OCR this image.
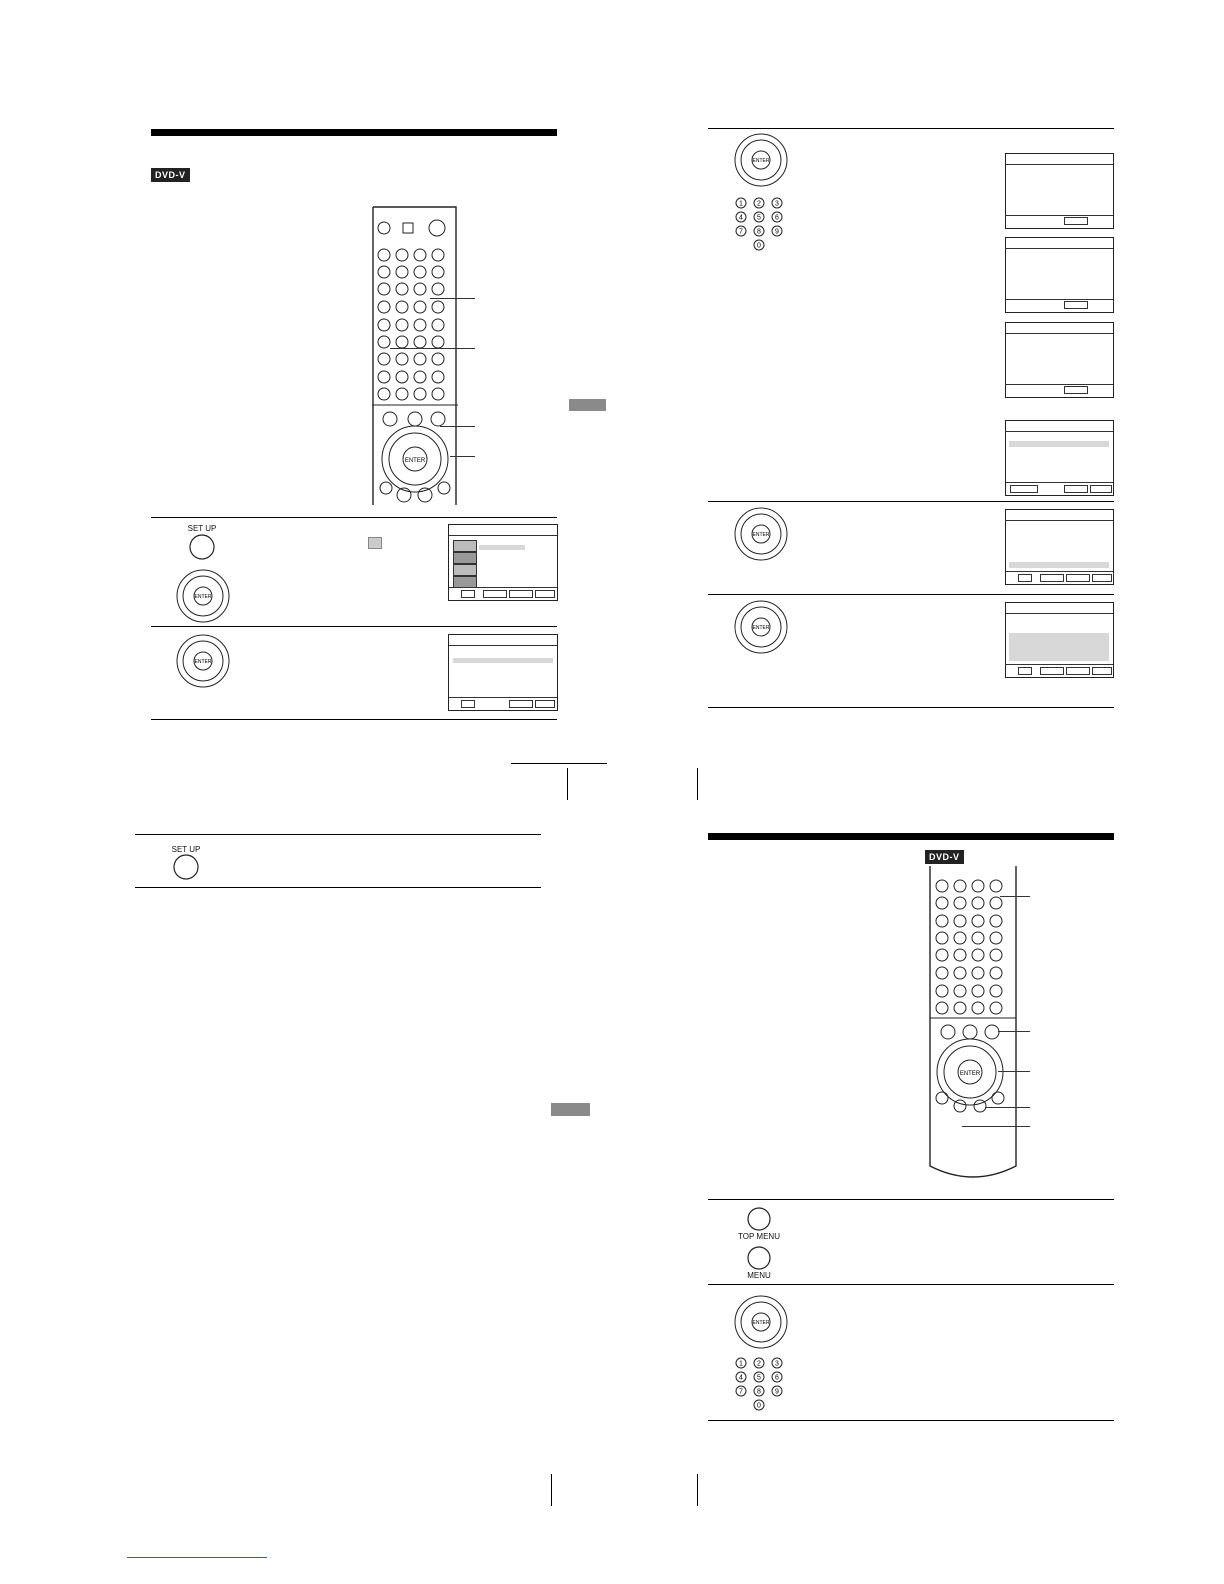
DVD-V
ENTER
SET UP
ENTER
ENTER
SET UP
ENTER
1 2 3
4 5 6
7 8 9
0
ENTER
ENTER
DVD-V
ENTER
TOP MENU
MENU
ENTER
1 2 3
4 5 6
7 8 9
0
